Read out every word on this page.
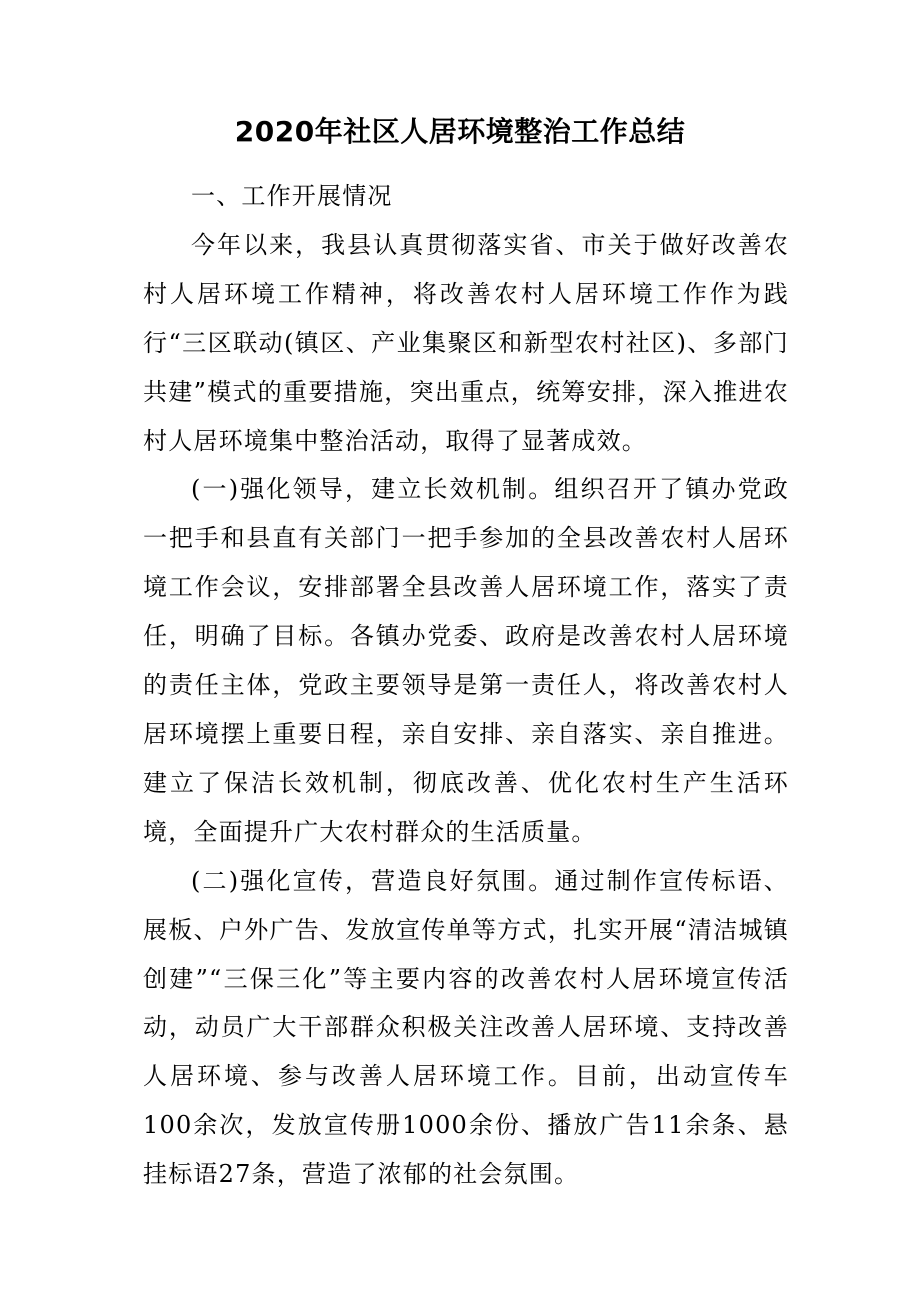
2020年社区人居环境整治工作总结

一、工作开展情况

今年以来，我县认真贯彻落实省、市关于做好改善农村人居环境工作精神，将改善农村人居环境工作作为践行“三区联动(镇区、产业集聚区和新型农村社区)、多部门共建”模式的重要措施，突出重点，统筹安排，深入推进农村人居环境集中整治活动，取得了显著成效。

(一)强化领导，建立长效机制。组织召开了镇办党政一把手和县直有关部门一把手参加的全县改善农村人居环境工作会议，安排部署全县改善人居环境工作，落实了责任，明确了目标。各镇办党委、政府是改善农村人居环境的责任主体，党政主要领导是第一责任人，将改善农村人居环境摆上重要日程，亲自安排、亲自落实、亲自推进。建立了保洁长效机制，彻底改善、优化农村生产生活环境，全面提升广大农村群众的生活质量。

(二)强化宣传，营造良好氛围。通过制作宣传标语、展板、户外广告、发放宣传单等方式，扎实开展“清洁城镇创建”“三保三化”等主要内容的改善农村人居环境宣传活动，动员广大干部群众积极关注改善人居环境、支持改善人居环境、参与改善人居环境工作。目前，出动宣传车100余次，发放宣传册1000余份、播放广告11余条、悬挂标语27条，营造了浓郁的社会氛围。
